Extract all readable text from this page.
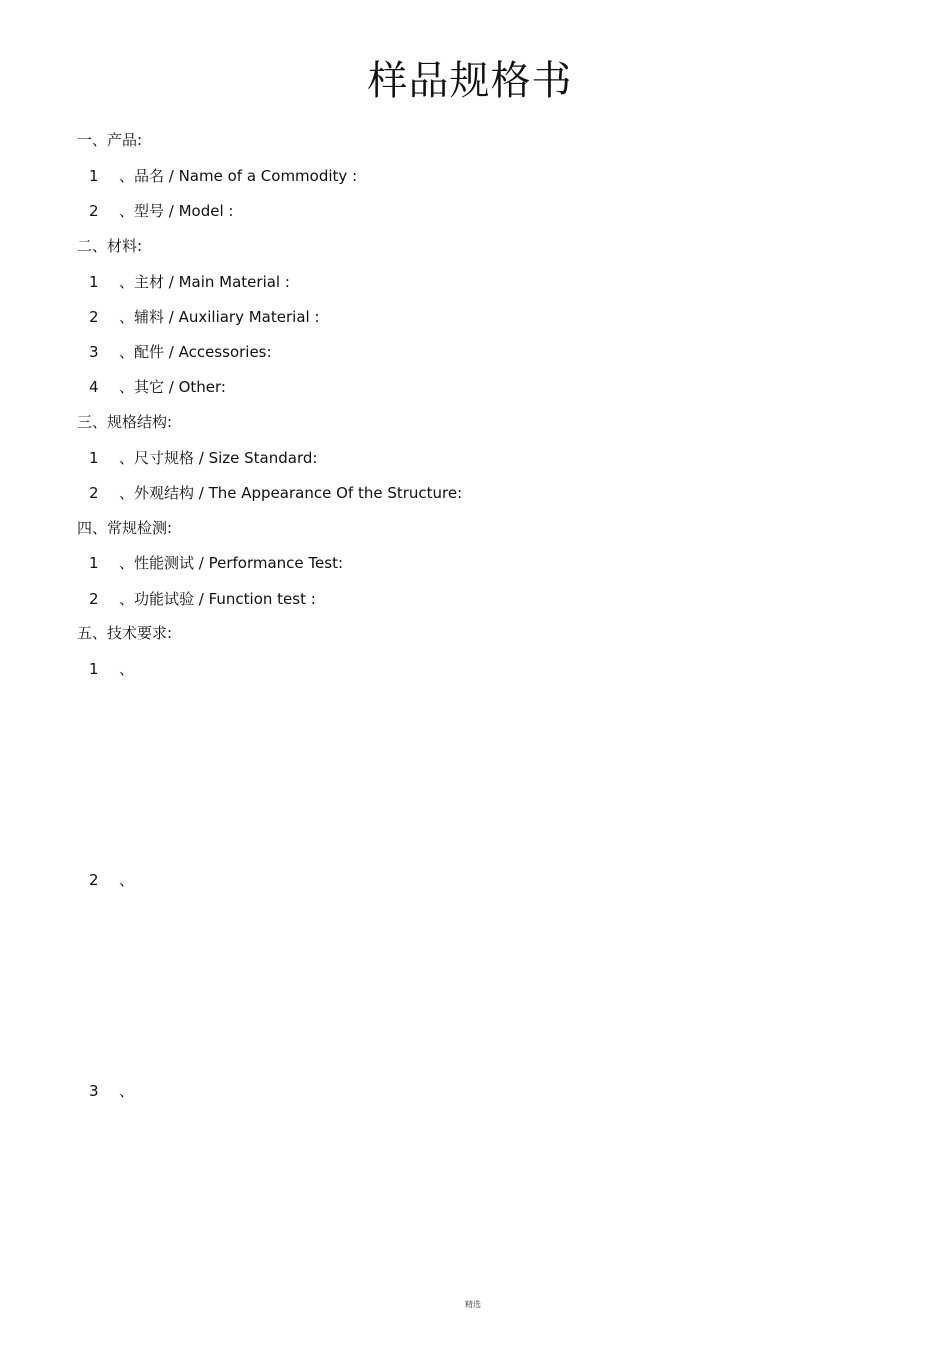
样品规格书
一、产品:
1 、品名 / Name of a Commodity :
2 、型号 / Model :
二、材料:
1 、主材 / Main Material :
2 、辅料 / Auxiliary Material :
3 、配件 / Accessories:
4 、其它 / Other:
三、规格结构:
1 、尺寸规格 / Size Standard:
2 、外观结构 / The Appearance Of the Structure:
四、常规检测:
1 、性能测试 / Performance Test:
2 、功能试验 / Function test :
五、技术要求:
1 、
2 、
3 、
精选
